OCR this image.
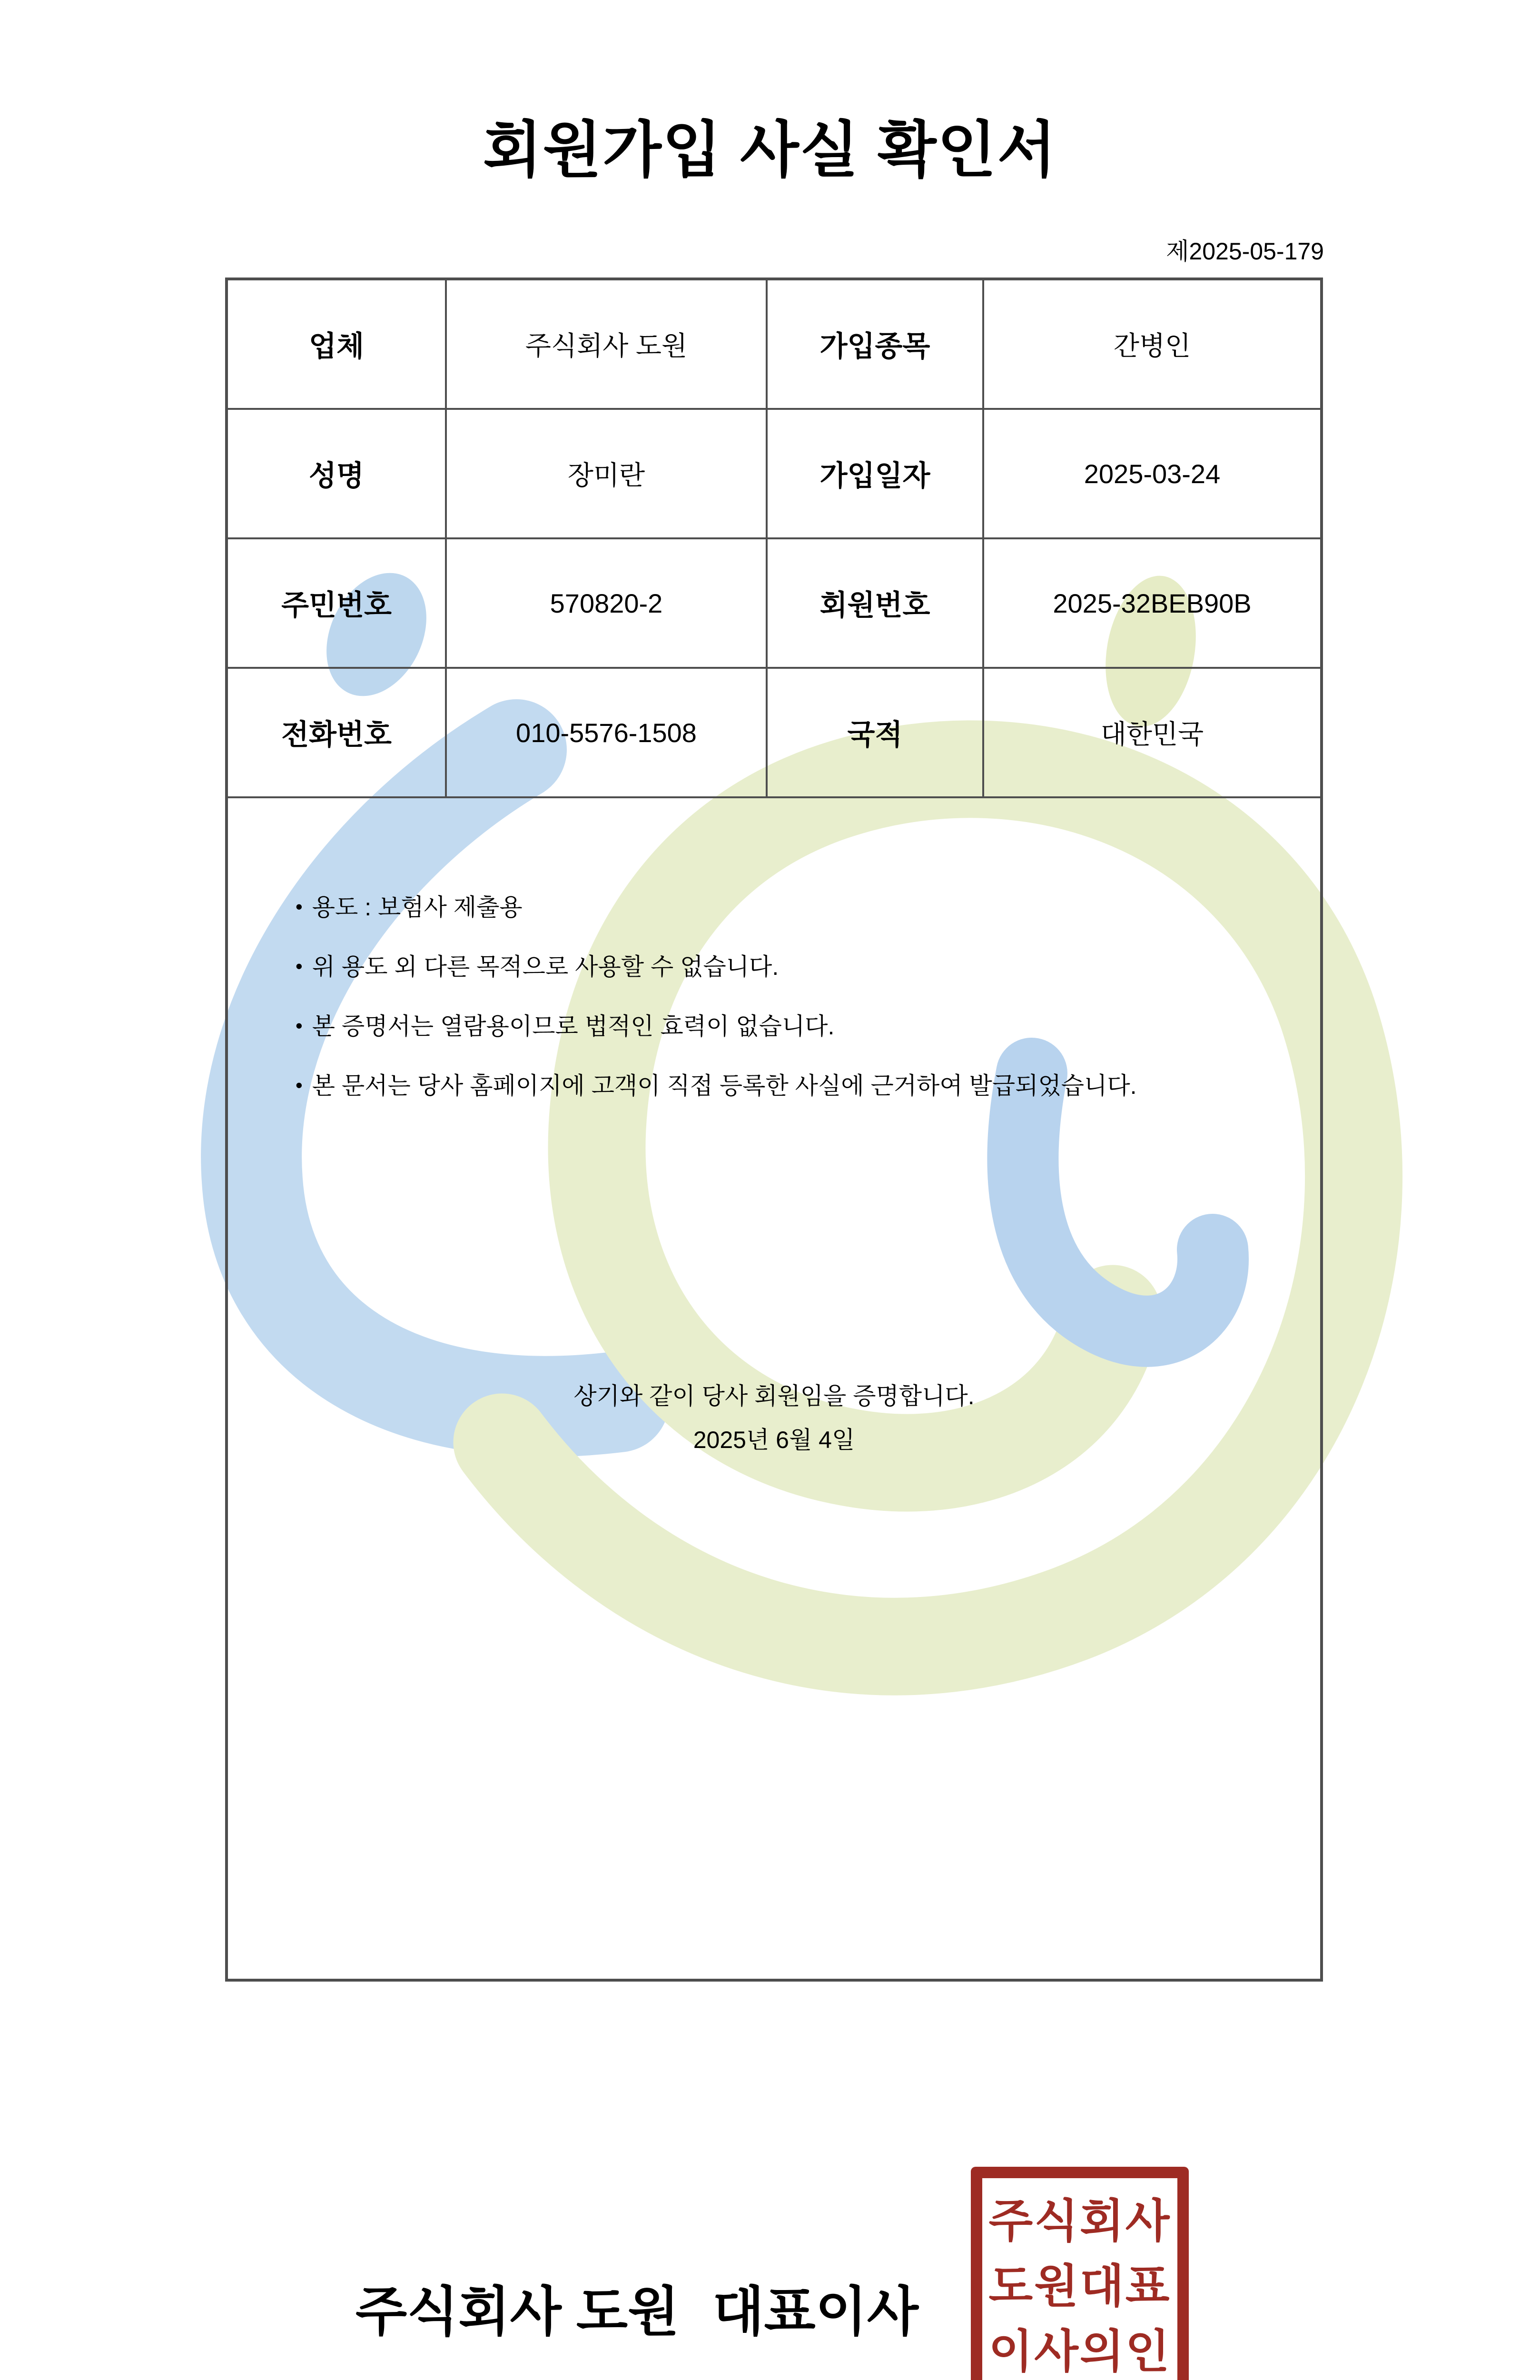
회원가입 사실 확인서
제2025-05-179
업체	주식회사 도원	가입종목	간병인
성명	장미란	가입일자	2025-03-24
주민번호	570820-2	회원번호	2025-32BEB90B
전화번호	010-5576-1508	국적	대한민국
• 용도 : 보험사 제출용
• 위 용도 외 다른 목적으로 사용할 수 없습니다.
• 본 증명서는 열람용이므로 법적인 효력이 없습니다.
• 본 문서는 당사 홈페이지에 고객이 직접 등록한 사실에 근거하여 발급되었습니다.
상기와 같이 당사 회원임을 증명합니다.
2025년 6월 4일
주식회사 도원 대표이사
주식회사
도원대표
이사의인
